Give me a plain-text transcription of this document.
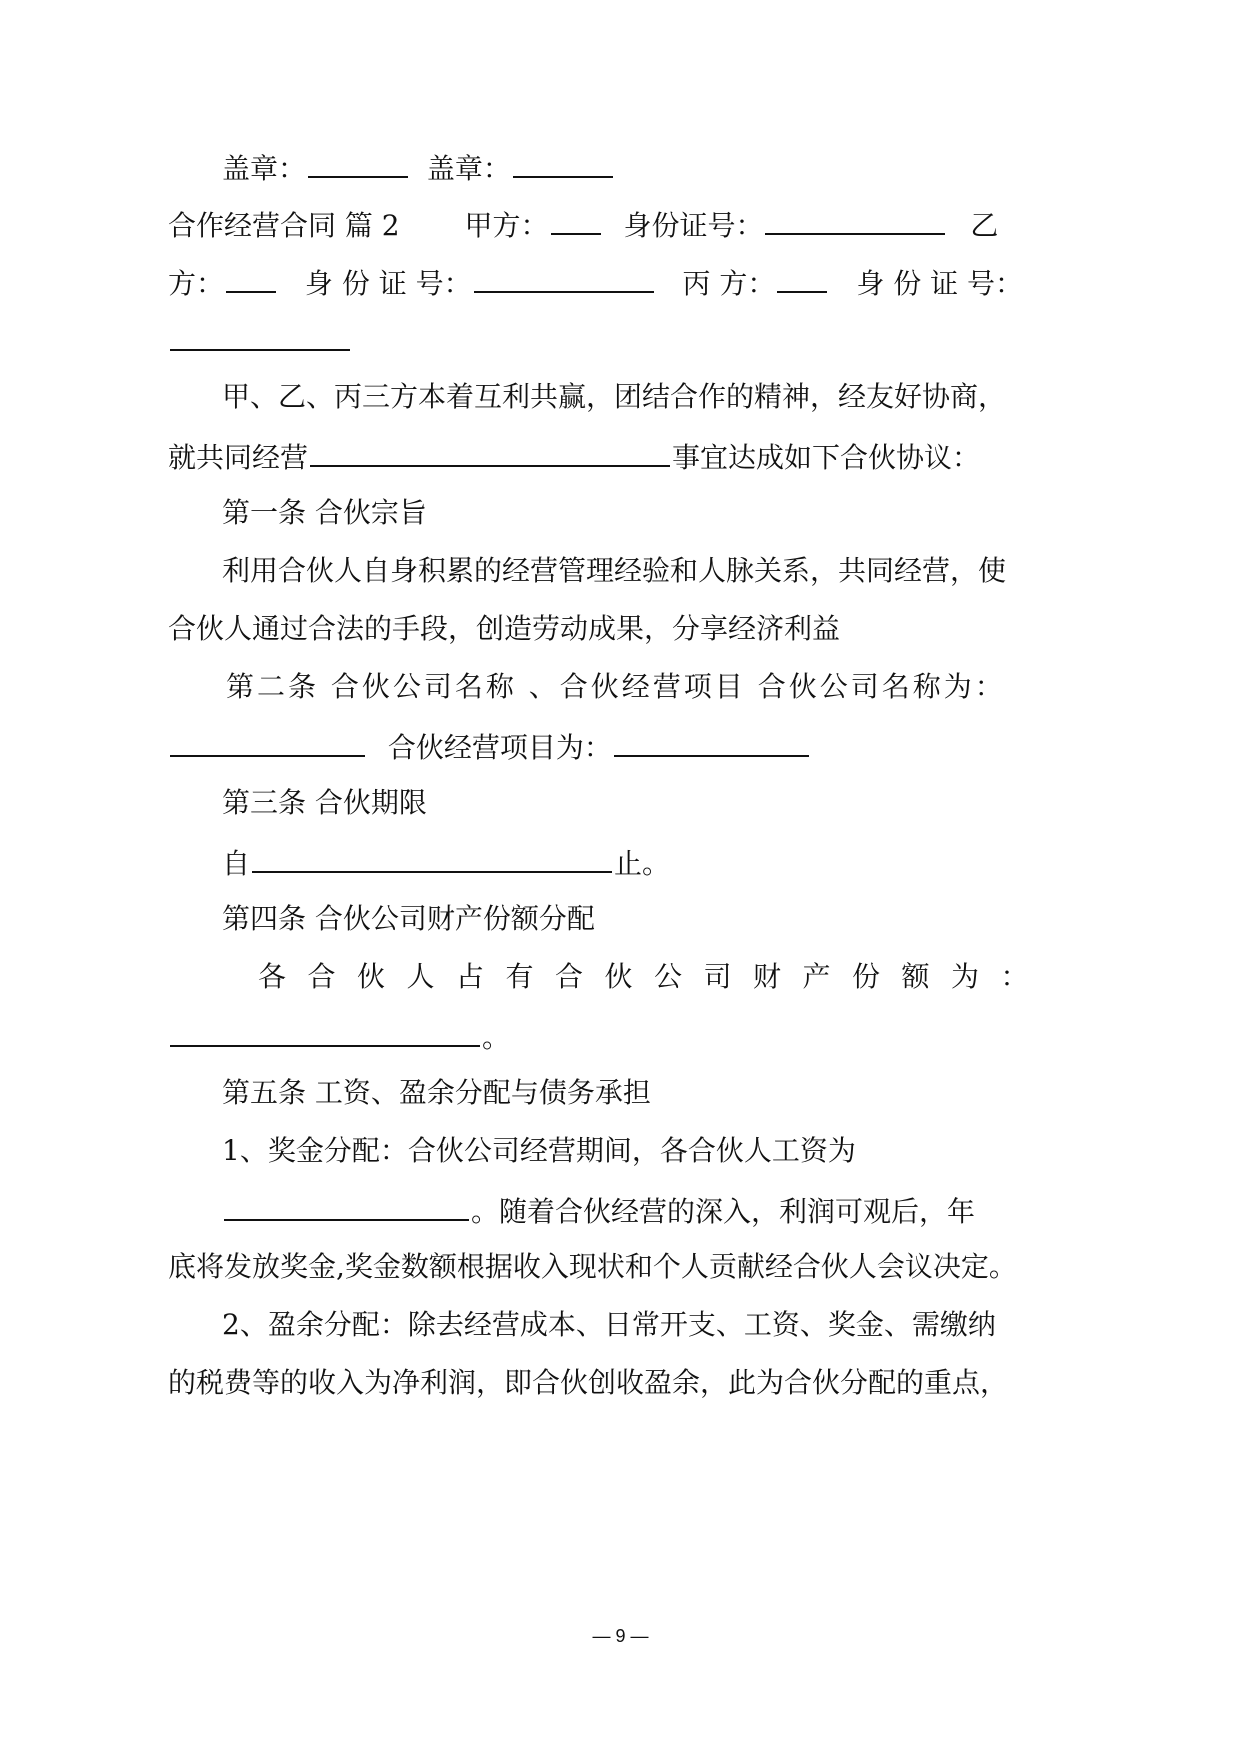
盖章：	盖章：
合作经营合同 篇 2 甲方：	身份证号：	乙
方：	身 份 证 号：	丙 方：	身 份 证 号：
甲、乙、丙三方本着互利共赢，团结合作的精神，经友好协商，
就共同经营	事宜达成如下合伙协议：
第一条 合伙宗旨
利用合伙人自身积累的经营管理经验和人脉关系，共同经营，使
合伙人通过合法的手段，创造劳动成果，分享经济利益
第二条 合伙公司名称 、合伙经营项目 合伙公司名称为：
合伙经营项目为：
第三条 合伙期限
自	止。
第四条 合伙公司财产份额分配
各合伙人占有合伙公司财产份额为：
。
第五条 工资、盈余分配与债务承担
1、奖金分配：合伙公司经营期间，各合伙人工资为
。随着合伙经营的深入，利润可观后，年
底将发放奖金,奖金数额根据收入现状和个人贡献经合伙人会议决定。
2、盈余分配：除去经营成本、日常开支、工资、奖金、需缴纳
的税费等的收入为净利润，即合伙创收盈余，此为合伙分配的重点，
— 9 —
